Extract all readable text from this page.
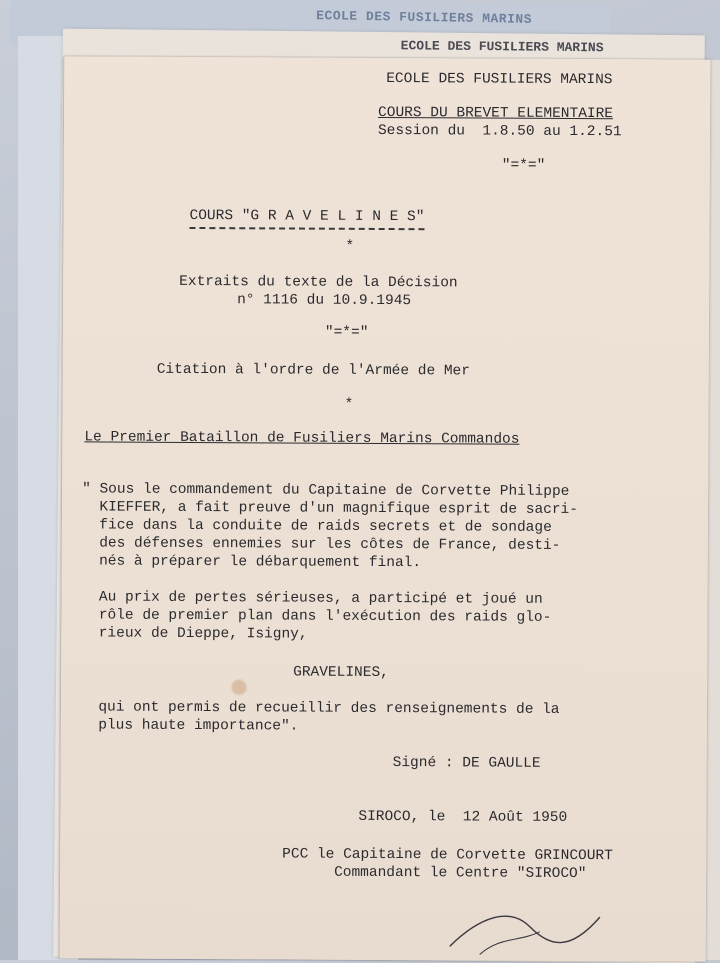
ECOLE DES FUSILIERS MARINS
ECOLE DES FUSILIERS MARINS
ECOLE DES FUSILIERS MARINS
COURS DU BREVET ELEMENTAIRE
Session du  1.8.50 au 1.2.51
"=*="
COURS "G R A V E L I N E S"
*
Extraits du texte de la Décision
n° 1116 du 10.9.1945
"=*="
Citation à l'ordre de l'Armée de Mer
*
Le Premier Bataillon de Fusiliers Marins Commandos
" Sous le commandement du Capitaine de Corvette Philippe
KIEFFER, a fait preuve d'un magnifique esprit de sacri-
fice dans la conduite de raids secrets et de sondage
des défenses ennemies sur les côtes de France, desti-
nés à préparer le débarquement final.
Au prix de pertes sérieuses, a participé et joué un
rôle de premier plan dans l'exécution des raids glo-
rieux de Dieppe, Isigny,
GRAVELINES,
qui ont permis de recueillir des renseignements de la
plus haute importance".
Signé : DE GAULLE
SIROCO, le  12 Août 1950
PCC le Capitaine de Corvette GRINCOURT
Commandant le Centre "SIROCO"
